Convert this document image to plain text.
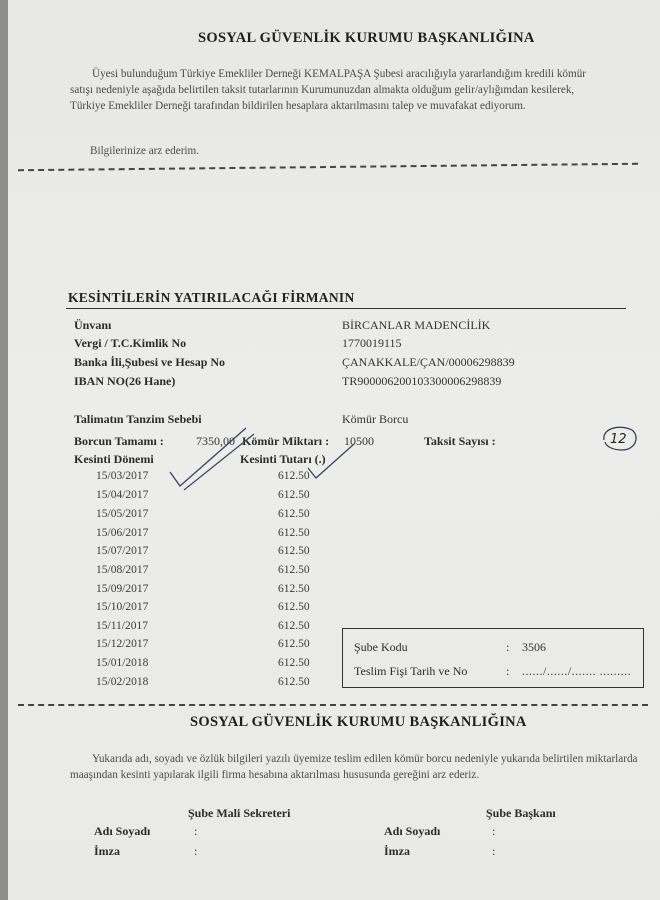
SOSYAL GÜVENLİK KURUMU BAŞKANLIĞINA
Üyesi bulunduğum Türkiye Emekliler Derneği KEMALPAŞA Şubesi aracılığıyla yararlandığım kredili kömür satışı nedeniyle aşağıda belirtilen taksit tutarlarının Kurumunuzdan almakta olduğum gelir/aylığımdan kesilerek, Türkiye Emekliler Derneği tarafından bildirilen hesaplara aktarılmasını talep ve muvafakat ediyorum.
Bilgilerinize arz ederim.
KESİNTİLERİN YATIRILACAĞI FİRMANIN
Ünvanı	BİRCANLAR MADENCİLİK
Vergi / T.C.Kimlik No	1770019115
Banka İli,Şubesi ve Hesap No	ÇANAKKALE/ÇAN/00006298839
IBAN NO(26 Hane)	TR900006200103300006298839
Talimatın Tanzim Sebebi	Kömür Borcu
Borcun Tamamı :	7350,00 Kömür Miktarı : 10500	Taksit Sayısı :	12
Kesinti Dönemi	Kesinti Tutarı (.)
15/03/2017	612.50
15/04/2017	612.50
15/05/2017	612.50
15/06/2017	612.50
15/07/2017	612.50
15/08/2017	612.50
15/09/2017	612.50
15/10/2017	612.50
15/11/2017	612.50
15/12/2017	612.50
15/01/2018	612.50
15/02/2018	612.50
Şube Kodu	: 3506
Teslim Fişi Tarih ve No	: ....../....../....... .........
SOSYAL GÜVENLİK KURUMU BAŞKANLIĞINA
Yukarıda adı, soyadı ve özlük bilgileri yazılı üyemize teslim edilen kömür borcu nedeniyle yukarıda belirtilen miktarlarda maaşından kesinti yapılarak ilgili firma hesabına aktarılması hususunda gereğini arz ederiz.
Şube Mali Sekreteri	Şube Başkanı
Adı Soyadı	:	Adı Soyadı	:
İmza	:	İmza	:
